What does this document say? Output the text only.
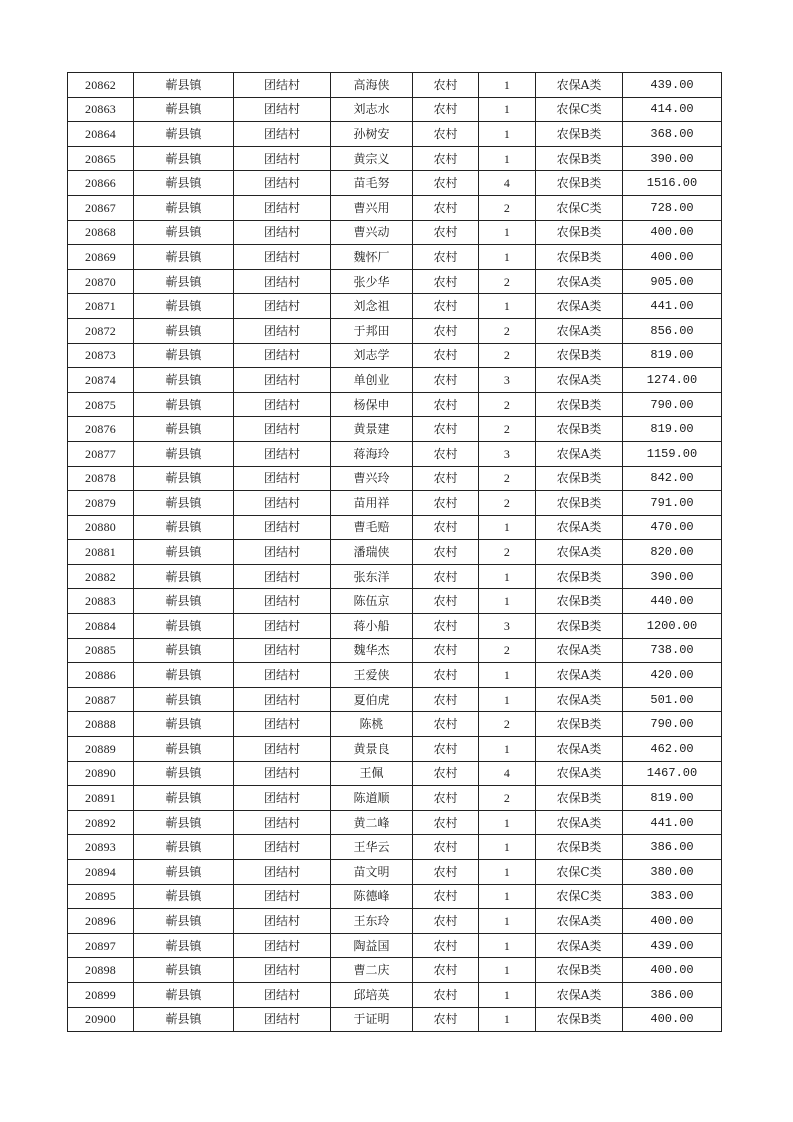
20862	蕲县镇	团结村	高海侠	农村	1	农保A类	439.00
20863	蕲县镇	团结村	刘志水	农村	1	农保C类	414.00
20864	蕲县镇	团结村	孙树安	农村	1	农保B类	368.00
20865	蕲县镇	团结村	黄宗义	农村	1	农保B类	390.00
20866	蕲县镇	团结村	苗毛努	农村	4	农保B类	1516.00
20867	蕲县镇	团结村	曹兴用	农村	2	农保C类	728.00
20868	蕲县镇	团结村	曹兴动	农村	1	农保B类	400.00
20869	蕲县镇	团结村	魏怀厂	农村	1	农保B类	400.00
20870	蕲县镇	团结村	张少华	农村	2	农保A类	905.00
20871	蕲县镇	团结村	刘念祖	农村	1	农保A类	441.00
20872	蕲县镇	团结村	于邦田	农村	2	农保A类	856.00
20873	蕲县镇	团结村	刘志学	农村	2	农保B类	819.00
20874	蕲县镇	团结村	单创业	农村	3	农保A类	1274.00
20875	蕲县镇	团结村	杨保申	农村	2	农保B类	790.00
20876	蕲县镇	团结村	黄景建	农村	2	农保B类	819.00
20877	蕲县镇	团结村	蒋海玲	农村	3	农保A类	1159.00
20878	蕲县镇	团结村	曹兴玲	农村	2	农保B类	842.00
20879	蕲县镇	团结村	苗用祥	农村	2	农保B类	791.00
20880	蕲县镇	团结村	曹毛赔	农村	1	农保A类	470.00
20881	蕲县镇	团结村	潘瑞侠	农村	2	农保A类	820.00
20882	蕲县镇	团结村	张东洋	农村	1	农保B类	390.00
20883	蕲县镇	团结村	陈伍京	农村	1	农保B类	440.00
20884	蕲县镇	团结村	蒋小船	农村	3	农保B类	1200.00
20885	蕲县镇	团结村	魏华杰	农村	2	农保A类	738.00
20886	蕲县镇	团结村	王爱侠	农村	1	农保A类	420.00
20887	蕲县镇	团结村	夏伯虎	农村	1	农保A类	501.00
20888	蕲县镇	团结村	陈桃	农村	2	农保B类	790.00
20889	蕲县镇	团结村	黄景良	农村	1	农保A类	462.00
20890	蕲县镇	团结村	王佩	农村	4	农保A类	1467.00
20891	蕲县镇	团结村	陈道顺	农村	2	农保B类	819.00
20892	蕲县镇	团结村	黄二峰	农村	1	农保A类	441.00
20893	蕲县镇	团结村	王华云	农村	1	农保B类	386.00
20894	蕲县镇	团结村	苗文明	农村	1	农保C类	380.00
20895	蕲县镇	团结村	陈德峰	农村	1	农保C类	383.00
20896	蕲县镇	团结村	王东玲	农村	1	农保A类	400.00
20897	蕲县镇	团结村	陶益国	农村	1	农保A类	439.00
20898	蕲县镇	团结村	曹二庆	农村	1	农保B类	400.00
20899	蕲县镇	团结村	邱培英	农村	1	农保A类	386.00
20900	蕲县镇	团结村	于证明	农村	1	农保B类	400.00
